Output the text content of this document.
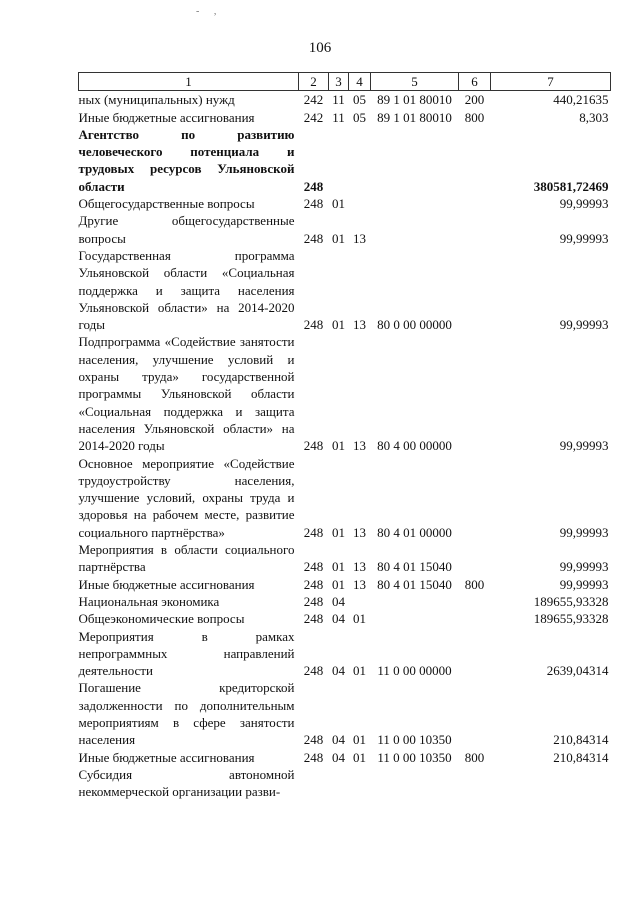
- ,
106
1	2	3	4	5	6	7
ных (муниципальных) нужд	242	11	05	89 1 01 80010	200	440,21635
Иные бюджетные ассигнования	242	11	05	89 1 01 80010	800	8,303
Агентство по развитию человеческого потенциала и трудовых ресурсов Ульяновской области	248					380581,72469
Общегосударственные вопросы	248	01				99,99993
Другие общегосударственные вопросы	248	01	13			99,99993
Государственная программа Ульяновской области «Социальная поддержка и защита населения Ульяновской области» на 2014-2020 годы	248	01	13	80 0 00 00000		99,99993
Подпрограмма «Содействие занятости населения, улучшение условий и охраны труда» государственной программы Ульяновской области «Социальная поддержка и защита населения Ульяновской области» на 2014-2020 годы	248	01	13	80 4 00 00000		99,99993
Основное мероприятие «Содействие трудоустройству населения, улучшение условий, охраны труда и здоровья на рабочем месте, развитие социального партнёрства»	248	01	13	80 4 01 00000		99,99993
Мероприятия в области социального партнёрства	248	01	13	80 4 01 15040		99,99993
Иные бюджетные ассигнования	248	01	13	80 4 01 15040	800	99,99993
Национальная экономика	248	04				189655,93328
Общеэкономические вопросы	248	04	01			189655,93328
Мероприятия в рамках непрограммных направлений деятельности	248	04	01	11 0 00 00000		2639,04314
Погашение кредиторской задолженности по дополнительным мероприятиям в сфере занятости населения	248	04	01	11 0 00 10350		210,84314
Иные бюджетные ассигнования	248	04	01	11 0 00 10350	800	210,84314
Субсидия автономной некоммерческой организации разви-						
